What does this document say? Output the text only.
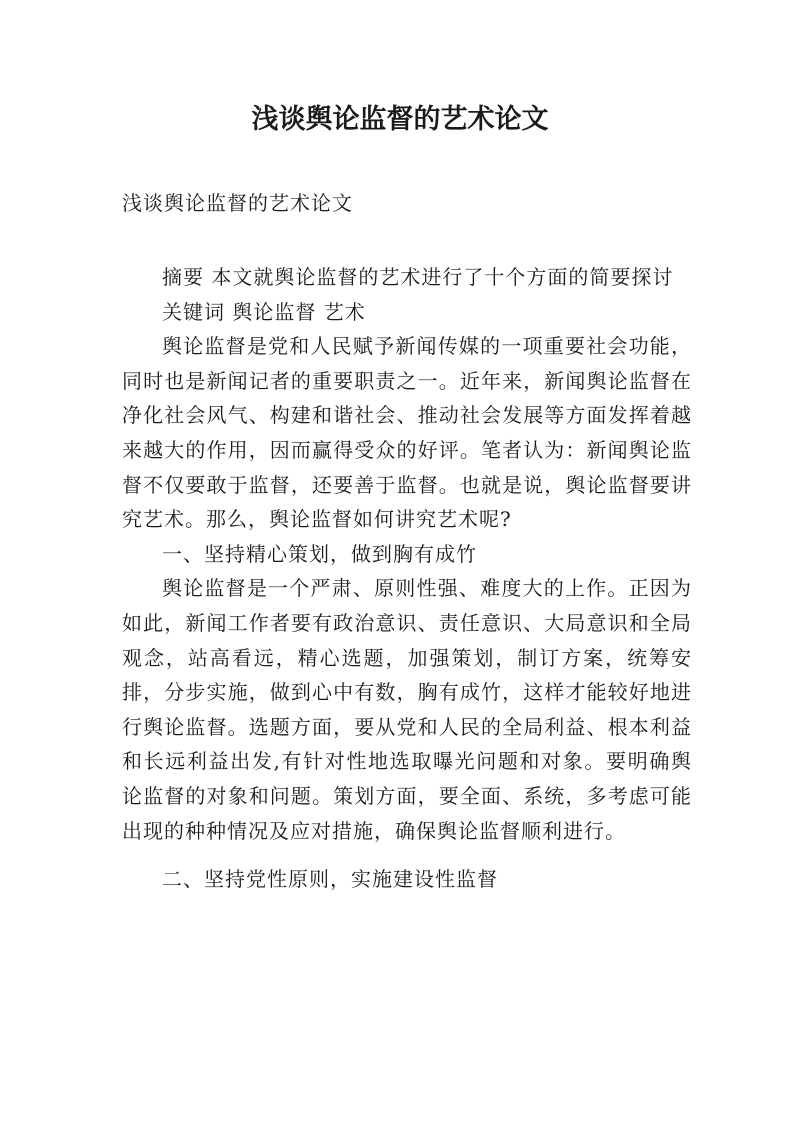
浅谈舆论监督的艺术论文

浅谈舆论监督的艺术论文

摘要 本文就舆论监督的艺术进行了十个方面的简要探讨

关键词 舆论监督 艺术

舆论监督是党和人民赋予新闻传媒的一项重要社会功能，同时也是新闻记者的重要职责之一。近年来，新闻舆论监督在净化社会风气、构建和谐社会、推动社会发展等方面发挥着越来越大的作用，因而赢得受众的好评。笔者认为：新闻舆论监督不仅要敢于监督，还要善于监督。也就是说，舆论监督要讲究艺术。那么，舆论监督如何讲究艺术呢?

一、坚持精心策划，做到胸有成竹

舆论监督是一个严肃、原则性强、难度大的上作。正因为如此，新闻工作者要有政治意识、责任意识、大局意识和全局观念，站高看远，精心选题，加强策划，制订方案，统筹安排，分步实施，做到心中有数，胸有成竹，这样才能较好地进行舆论监督。选题方面，要从党和人民的全局利益、根本利益和长远利益出发,有针对性地选取曝光问题和对象。要明确舆论监督的对象和问题。策划方面，要全面、系统，多考虑可能出现的种种情况及应对措施，确保舆论监督顺利进行。

二、坚持党性原则，实施建设性监督
